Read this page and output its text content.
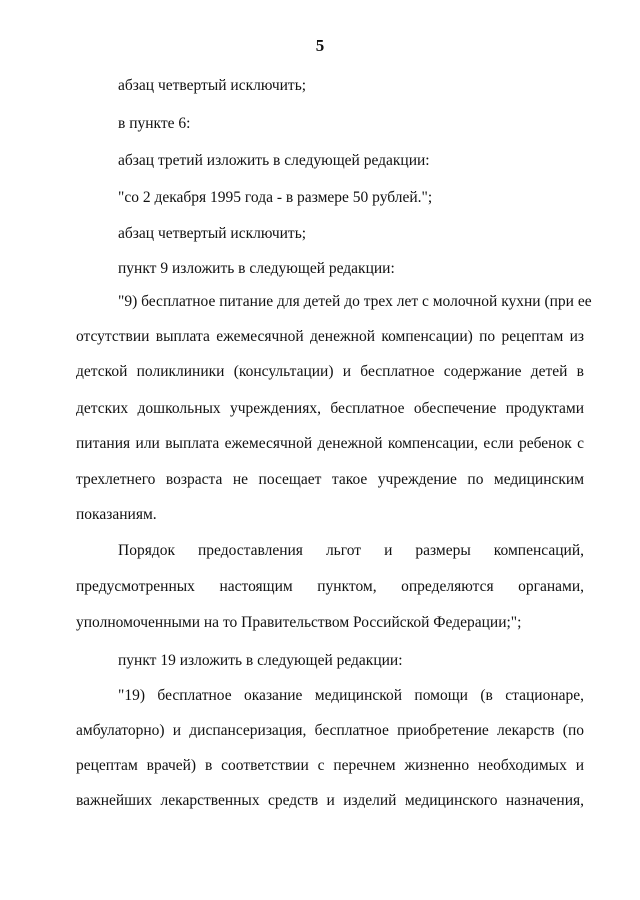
5
абзац четвертый исключить;
в пункте 6:
абзац третий изложить в следующей редакции:
"со 2 декабря 1995 года - в размере 50 рублей.";
абзац четвертый исключить;
пункт 9 изложить в следующей редакции:
"9) бесплатное питание для детей до трех лет с молочной кухни (при ее
отсутствии выплата ежемесячной денежной компенсации) по рецептам из
детской поликлиники (консультации) и бесплатное содержание детей в
детских дошкольных учреждениях, бесплатное обеспечение продуктами
питания или выплата ежемесячной денежной компенсации, если ребенок с
трехлетнего возраста не посещает такое учреждение по медицинским
показаниям.
Порядок предоставления льгот и размеры компенсаций,
предусмотренных настоящим пунктом, определяются органами,
уполномоченными на то Правительством Российской Федерации;";
пункт 19 изложить в следующей редакции:
"19) бесплатное оказание медицинской помощи (в стационаре,
амбулаторно) и диспансеризация, бесплатное приобретение лекарств (по
рецептам врачей) в соответствии с перечнем жизненно необходимых и
важнейших лекарственных средств и изделий медицинского назначения,
